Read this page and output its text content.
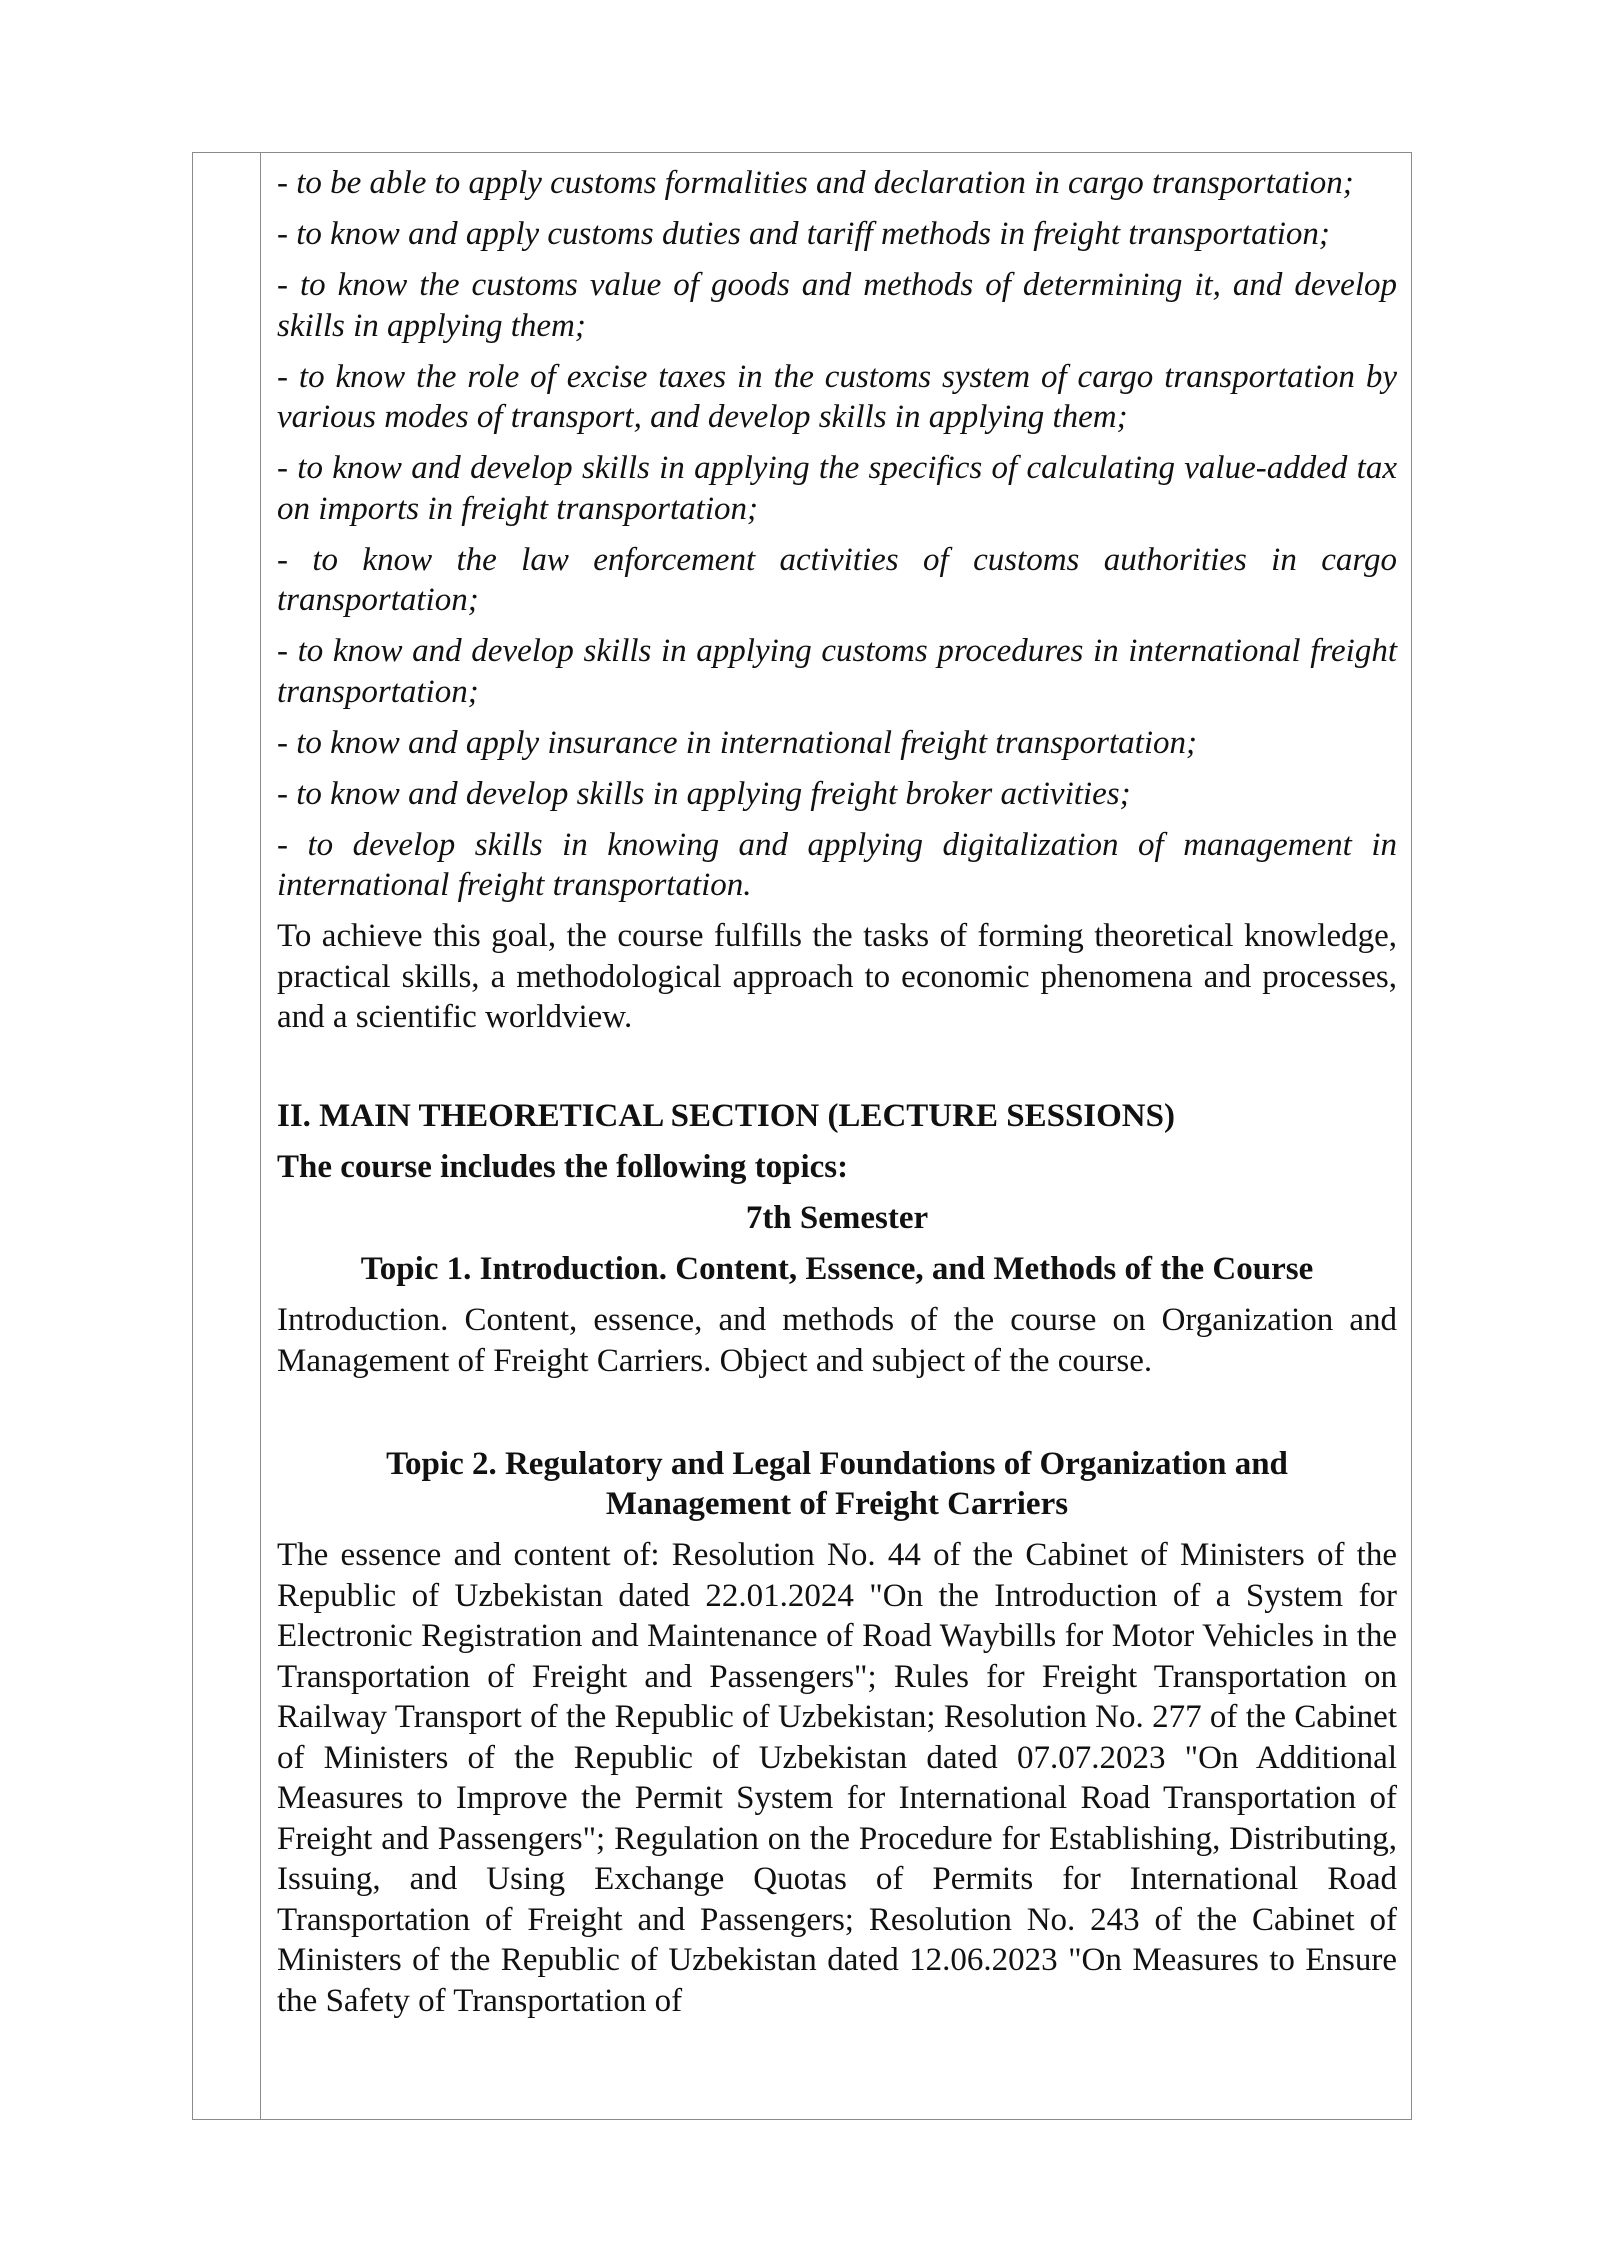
- to be able to apply customs formalities and declaration in cargo transportation;

- to know and apply customs duties and tariff methods in freight transportation;

- to know the customs value of goods and methods of determining it, and develop skills in applying them;

- to know the role of excise taxes in the customs system of cargo transportation by various modes of transport, and develop skills in applying them;

- to know and develop skills in applying the specifics of calculating value-added tax on imports in freight transportation;

- to know the law enforcement activities of customs authorities in cargo transportation;

- to know and develop skills in applying customs procedures in international freight transportation;

- to know and apply insurance in international freight transportation;

- to know and develop skills in applying freight broker activities;

- to develop skills in knowing and applying digitalization of management in international freight transportation.

To achieve this goal, the course fulfills the tasks of forming theoretical knowledge, practical skills, a methodological approach to economic phenomena and processes, and a scientific worldview.

II. MAIN THEORETICAL SECTION (LECTURE SESSIONS)

The course includes the following topics:

7th Semester

Topic 1. Introduction. Content, Essence, and Methods of the Course

Introduction. Content, essence, and methods of the course on Organization and Management of Freight Carriers. Object and subject of the course.

Topic 2. Regulatory and Legal Foundations of Organization and
Management of Freight Carriers

The essence and content of: Resolution No. 44 of the Cabinet of Ministers of the Republic of Uzbekistan dated 22.01.2024 "On the Introduction of a System for Electronic Registration and Maintenance of Road Waybills for Motor Vehicles in the Transportation of Freight and Passengers"; Rules for Freight Transportation on Railway Transport of the Republic of Uzbekistan; Resolution No. 277 of the Cabinet of Ministers of the Republic of Uzbekistan dated 07.07.2023 "On Additional Measures to Improve the Permit System for International Road Transportation of Freight and Passengers"; Regulation on the Procedure for Establishing, Distributing, Issuing, and Using Exchange Quotas of Permits for International Road Transportation of Freight and Passengers; Resolution No. 243 of the Cabinet of Ministers of the Republic of Uzbekistan dated 12.06.2023 "On Measures to Ensure the Safety of Transportation of
